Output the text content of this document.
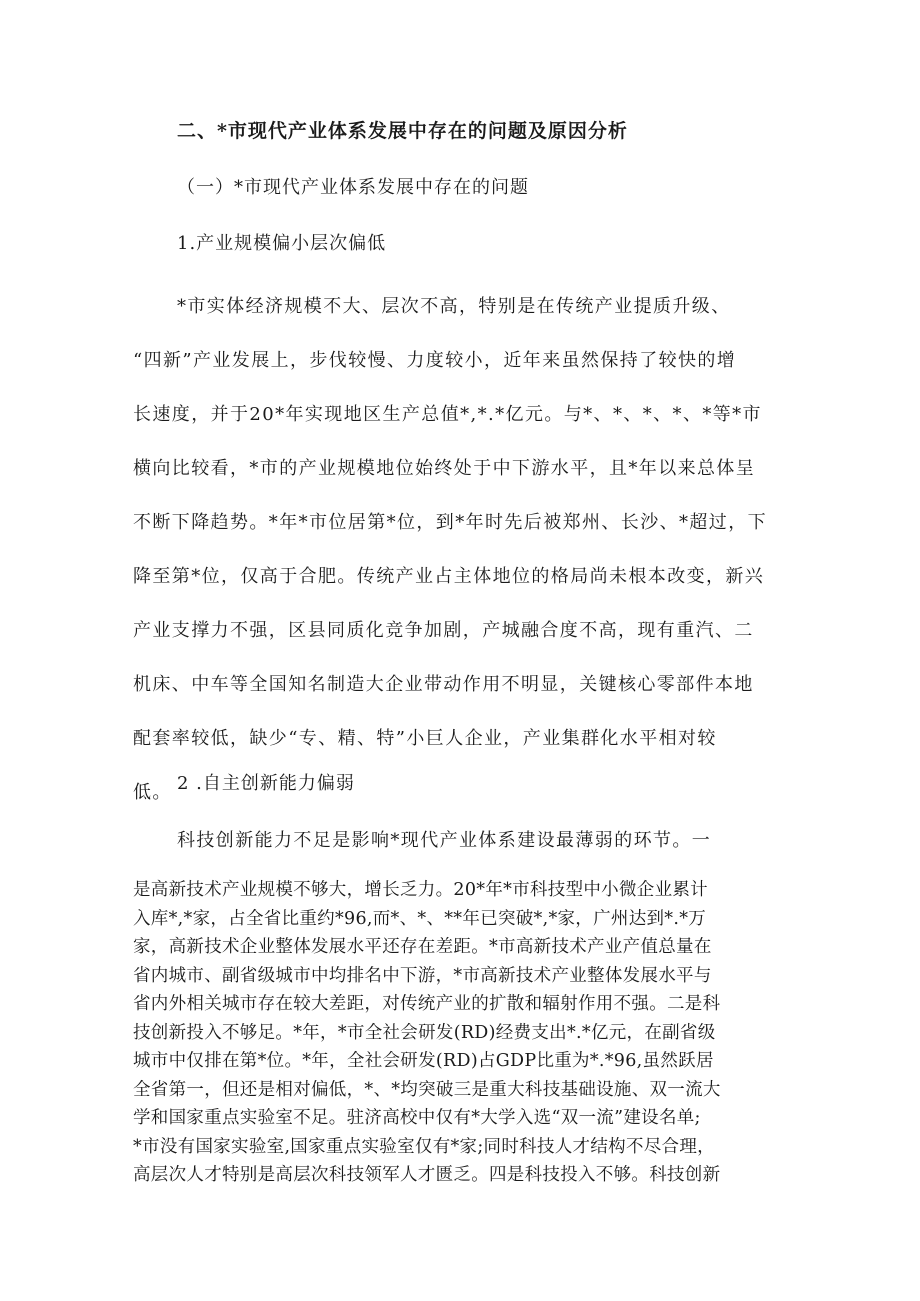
二、*市现代产业体系发展中存在的问题及原因分析
（一）*市现代产业体系发展中存在的问题
1.产业规模偏小层次偏低
*市实体经济规模不大、层次不高，特别是在传统产业提质升级、
“四新”产业发展上，步伐较慢、力度较小，近年来虽然保持了较快的增
长速度，并于20*年实现地区生产总值*,*.*亿元。与*、*、*、*、*等*市
横向比较看，*市的产业规模地位始终处于中下游水平，且*年以来总体呈
不断下降趋势。*年*市位居第*位，到*年时先后被郑州、长沙、*超过，下
降至第*位，仅高于合肥。传统产业占主体地位的格局尚未根本改变，新兴
产业支撑力不强，区县同质化竞争加剧，产城融合度不高，现有重汽、二
机床、中车等全国知名制造大企业带动作用不明显，关键核心零部件本地
配套率较低，缺少“专、精、特”小巨人企业，产业集群化水平相对较
低。 2 .自主创新能力偏弱
科技创新能力不足是影响*现代产业体系建设最薄弱的环节。一
是高新技术产业规模不够大，增长乏力。20*年*市科技型中小微企业累计
入库*,*家，占全省比重约*96,而*、*、**年已突破*,*家，广州达到*.*万
家，高新技术企业整体发展水平还存在差距。*市高新技术产业产值总量在
省内城市、副省级城市中均排名中下游，*市高新技术产业整体发展水平与
省内外相关城市存在较大差距，对传统产业的扩散和辐射作用不强。二是科
技创新投入不够足。*年，*市全社会研发(RD)经费支出*.*亿元，在副省级
城市中仅排在第*位。*年，全社会研发(RD)占GDP比重为*.*96,虽然跃居
全省第一，但还是相对偏低，*、*均突破三是重大科技基础设施、双一流大
学和国家重点实验室不足。驻济高校中仅有*大学入选“双一流”建设名单;
*市没有国家实验室,国家重点实验室仅有*家;同时科技人才结构不尽合理，
高层次人才特别是高层次科技领军人才匮乏。四是科技投入不够。科技创新
